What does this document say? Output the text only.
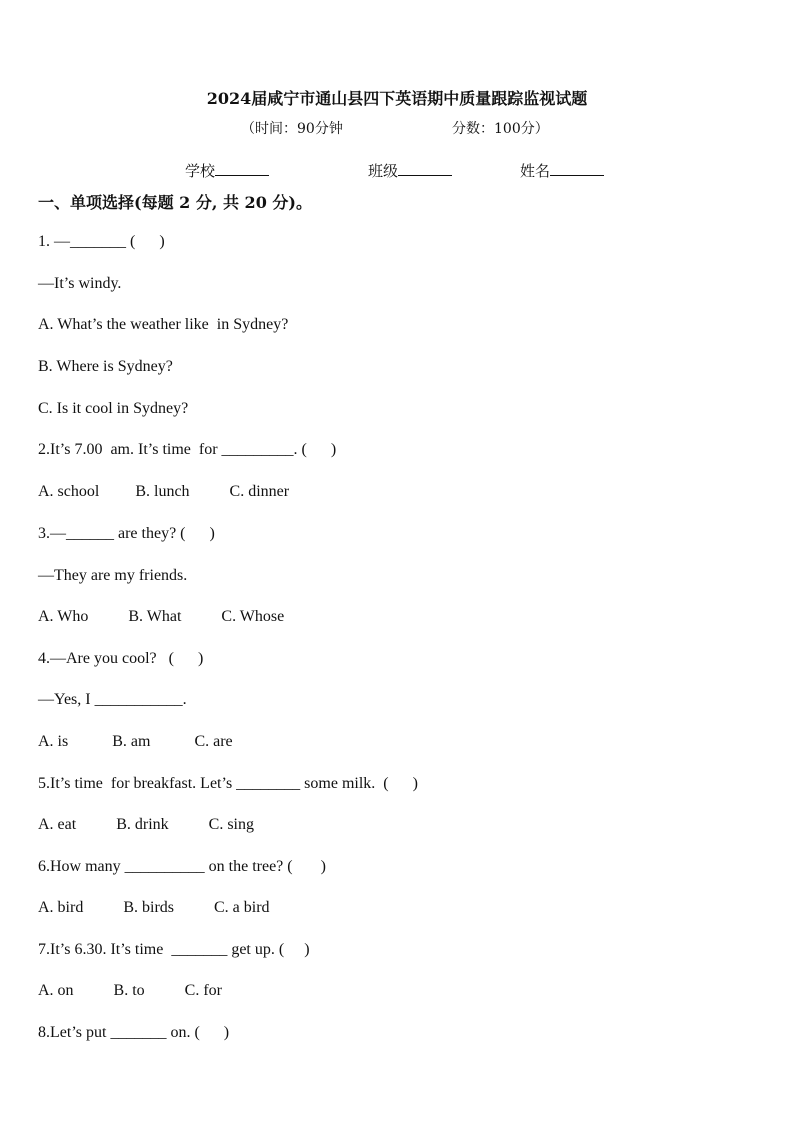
2024届咸宁市通山县四下英语期中质量跟踪监视试题
（时间：90分钟	分数：100分）
学校	班级	姓名
一、单项选择(每题 2 分, 共 20 分)。
1. —_______ (      )
—It’s windy.
A. What’s the weather like  in Sydney?
B. Where is Sydney?
C. Is it cool in Sydney?
2.It’s 7.00  am. It’s time  for _________. (      )
A. school         B. lunch          C. dinner
3.—______ are they? (      )
—They are my friends.
A. Who          B. What          C. Whose
4.—Are you cool?   (      )
—Yes, I ___________.
A. is           B. am           C. are
5.It’s time  for breakfast. Let’s ________ some milk.  (      )
A. eat          B. drink          C. sing
6.How many __________ on the tree? (       )
A. bird          B. birds          C. a bird
7.It’s 6.30. It’s time  _______ get up. (     )
A. on          B. to          C. for
8.Let’s put _______ on. (      )
